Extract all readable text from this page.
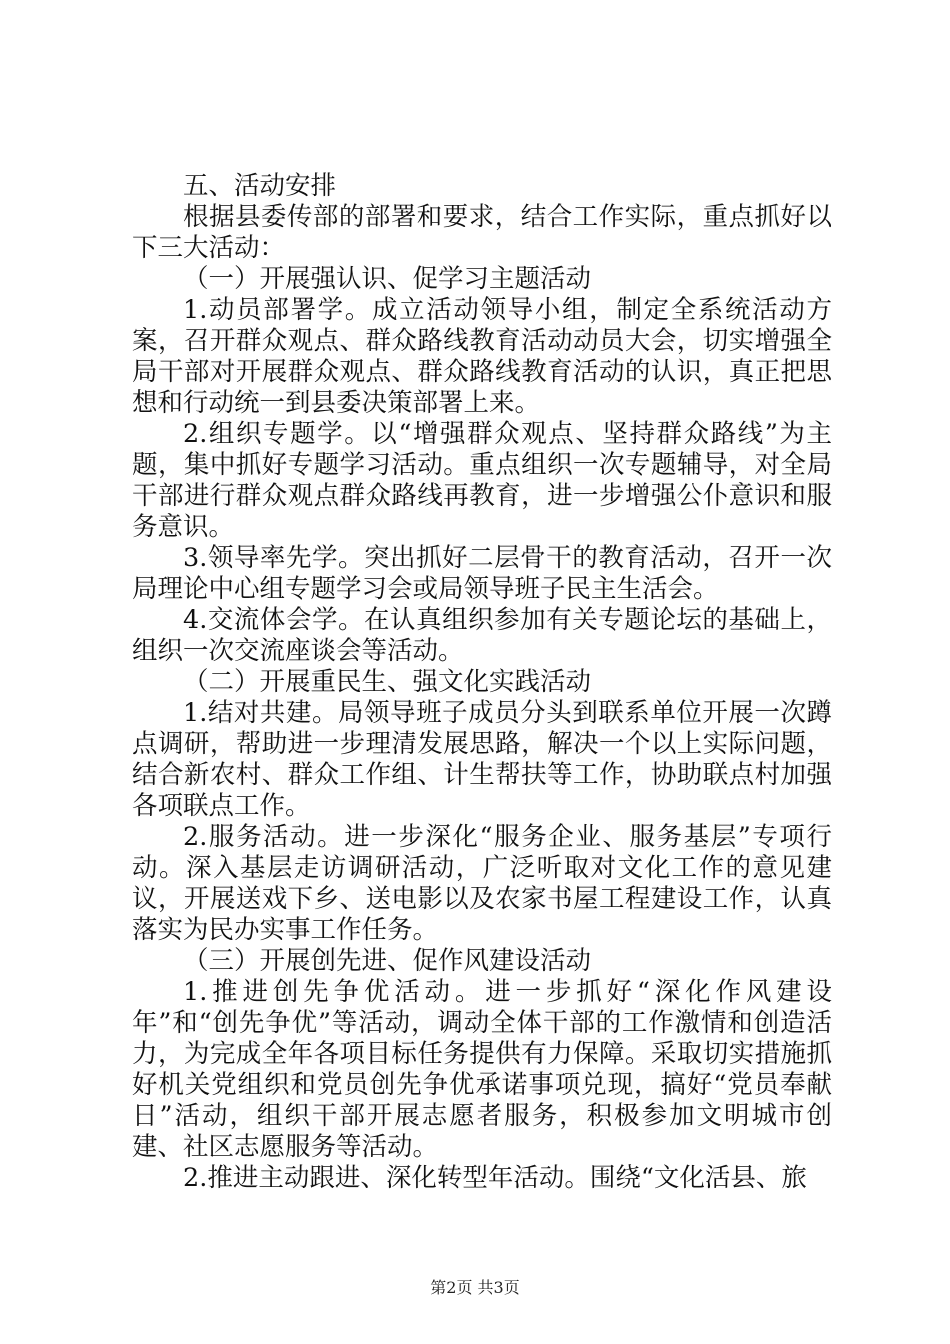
五、活动安排

根据县委传部的部署和要求，结合工作实际，重点抓好以下三大活动：

（一）开展强认识、促学习主题活动

1.动员部署学。成立活动领导小组，制定全系统活动方案，召开群众观点、群众路线教育活动动员大会，切实增强全局干部对开展群众观点、群众路线教育活动的认识，真正把思想和行动统一到县委决策部署上来。

2.组织专题学。以“增强群众观点、坚持群众路线”为主题，集中抓好专题学习活动。重点组织一次专题辅导，对全局干部进行群众观点群众路线再教育，进一步增强公仆意识和服务意识。

3.领导率先学。突出抓好二层骨干的教育活动，召开一次局理论中心组专题学习会或局领导班子民主生活会。

4.交流体会学。在认真组织参加有关专题论坛的基础上，组织一次交流座谈会等活动。

（二）开展重民生、强文化实践活动

1.结对共建。局领导班子成员分头到联系单位开展一次蹲点调研，帮助进一步理清发展思路，解决一个以上实际问题，结合新农村、群众工作组、计生帮扶等工作，协助联点村加强各项联点工作。

2.服务活动。进一步深化“服务企业、服务基层”专项行动。深入基层走访调研活动，广泛听取对文化工作的意见建议，开展送戏下乡、送电影以及农家书屋工程建设工作，认真落实为民办实事工作任务。

（三）开展创先进、促作风建设活动

1.推进创先争优活动。进一步抓好“深化作风建设年”和“创先争优”等活动，调动全体干部的工作激情和创造活力，为完成全年各项目标任务提供有力保障。采取切实措施抓好机关党组织和党员创先争优承诺事项兑现，搞好“党员奉献日”活动，组织干部开展志愿者服务，积极参加文明城市创建、社区志愿服务等活动。

2.推进主动跟进、深化转型年活动。围绕“文化活县、旅

第2页 共3页
